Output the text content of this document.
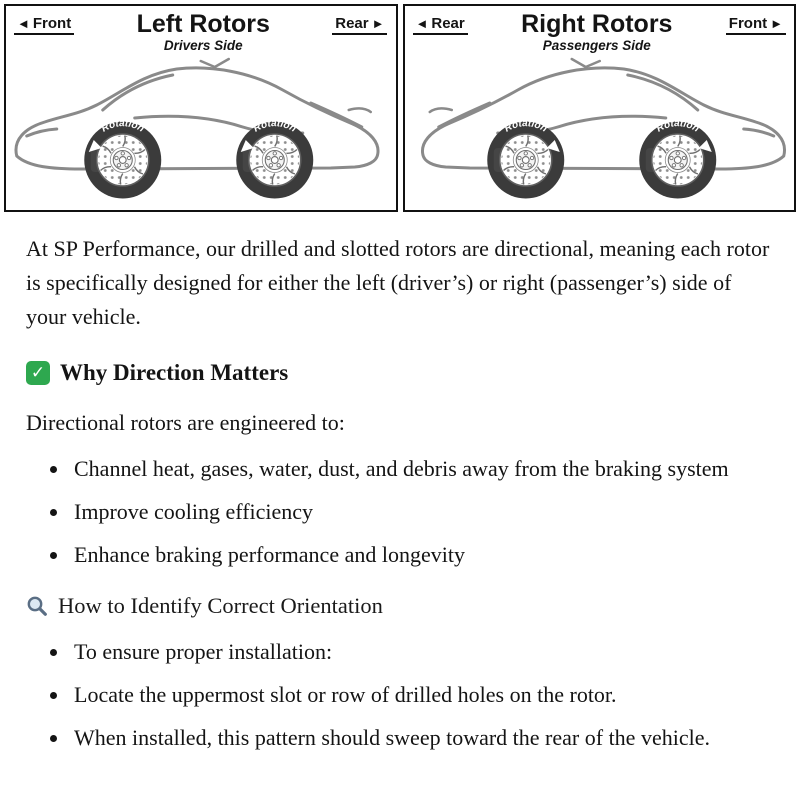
◄ Front	Left Rotors
Drivers Side
Rear ►
Rotation	Rotation
◄ Rear Right Rotors
Passengers Side
Front ►
Rotation	Rotation

At SP Performance, our drilled and slotted rotors are directional, meaning each rotor is specifically designed for either the left (driver’s) or right (passenger’s) side of your vehicle.

✓ Why Direction Matters

Directional rotors are engineered to:

• Channel heat, gases, water, dust, and debris away from the braking system
• Improve cooling efficiency
• Enhance braking performance and longevity
How to Identify Correct Orientation
• To ensure proper installation:
• Locate the uppermost slot or row of drilled holes on the rotor.
• When installed, this pattern should sweep toward the rear of the vehicle.
